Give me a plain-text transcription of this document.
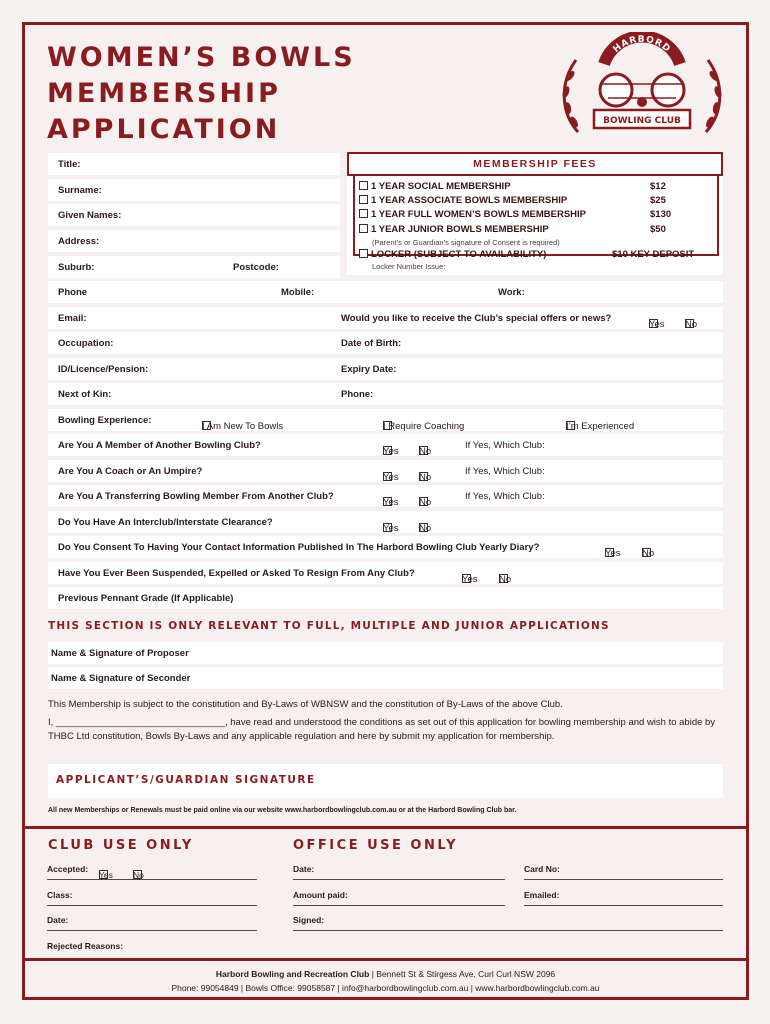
WOMEN’S BOWLS
MEMBERSHIP
APPLICATION
HARBORD
BOWLING CLUB
Title:
Surname:
Given Names:
Address:
Suburb:	Postcode:
MEMBERSHIP FEES
1 YEAR SOCIAL MEMBERSHIP	$12
1 YEAR ASSOCIATE BOWLS MEMBERSHIP	$25
1 YEAR FULL WOMEN’S BOWLS MEMBERSHIP	$130
1 YEAR JUNIOR BOWLS MEMBERSHIP	$50
(Parent’s or Guardian’s signature of Consent is required)
LOCKER (SUBJECT TO AVAILABILITY)	$10 KEY DEPOSIT
Locker Number Issue:
Phone	Mobile:	Work:
Email:	Would you like to receive the Club’s special offers or news?
Yes No
Occupation:	Date of Birth:
ID/Licence/Pension:	Expiry Date:
Next of Kin:	Phone:
Bowling Experience:
I Am New To Bowls	I Require Coaching	I’m Experienced
Are You A Member of Another Bowling Club?
Yes No
If Yes, Which Club:
Are You A Coach or An Umpire?
Yes No
If Yes, Which Club:
Are You A Transferring Bowling Member From Another Club?
Yes No
If Yes, Which Club:
Do You Have An Interclub/Interstate Clearance?
Yes No
Do You Consent To Having Your Contact Information Published In The Harbord Bowling Club Yearly Diary?
Yes No
Have You Ever Been Suspended, Expelled or Asked To Resign From Any Club?
Yes No
Previous Pennant Grade (If Applicable)
THIS SECTION IS ONLY RELEVANT TO FULL, MULTIPLE AND JUNIOR APPLICATIONS
Name & Signature of Proposer
Name & Signature of Seconder
This Membership is subject to the constitution and By-Laws of WBNSW and the constitution of By-Laws of the above Club.
I, ________________________________, have read and understood the conditions as set out of this application for bowling membership and wish to abide by THBC Ltd constitution, Bowls By-Laws and any applicable regulation and here by submit my application for membership.
APPLICANT’S/GUARDIAN SIGNATURE
All new Memberships or Renewals must be paid online via our website www.harbordbowlingclub.com.au or at the Harbord Bowling Club bar.
CLUB USE ONLY	OFFICE USE ONLY
Accepted:
Yes No
Class:
Date:
Rejected Reasons:
Date:	Card No:
Amount paid:	Emailed:
Signed:
Harbord Bowling and Recreation Club | Bennett St & Stirgess Ave, Curl Curl NSW 2096
Phone: 99054849 | Bowls Office: 99058587 | info@harbordbowlingclub.com.au | www.harbordbowlingclub.com.au
